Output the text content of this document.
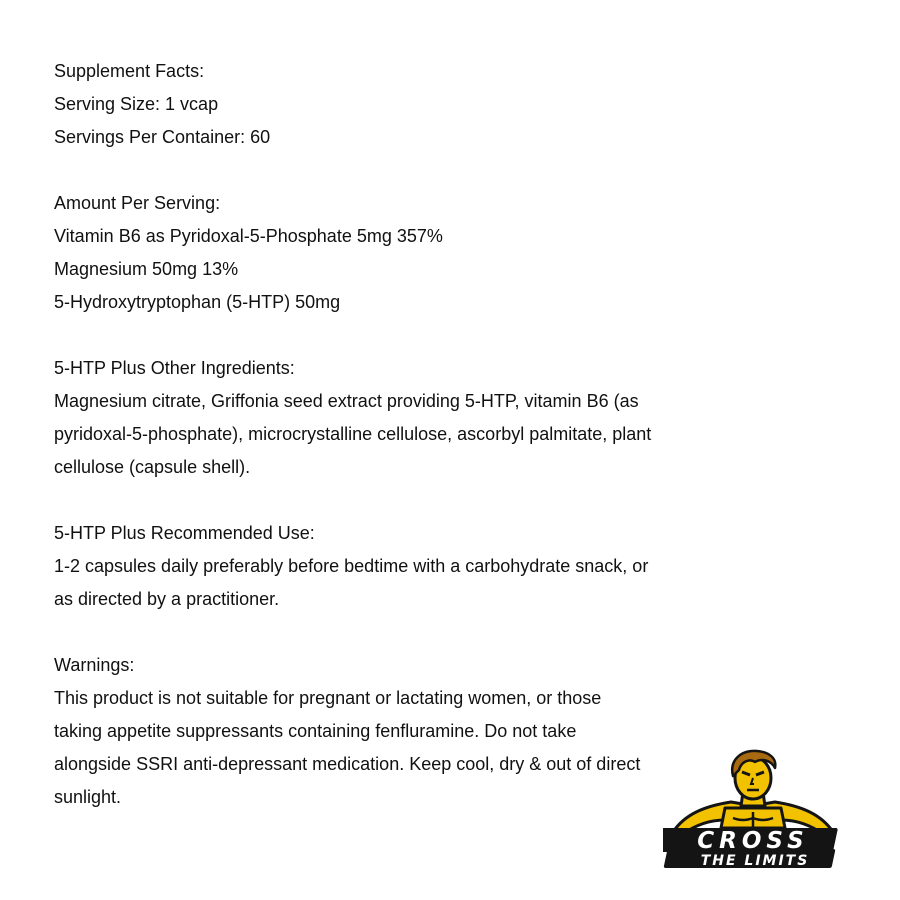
Supplement Facts:
Serving Size: 1 vcap
Servings Per Container: 60
Amount Per Serving:
Vitamin B6 as Pyridoxal-5-Phosphate 5mg 357%
Magnesium 50mg 13%
5-Hydroxytryptophan (5-HTP) 50mg
5-HTP Plus Other Ingredients:
Magnesium citrate, Griffonia seed extract providing 5-HTP, vitamin B6 (as
pyridoxal-5-phosphate), microcrystalline cellulose, ascorbyl palmitate, plant
cellulose (capsule shell).
5-HTP Plus Recommended Use:
1-2 capsules daily preferably before bedtime with a carbohydrate snack, or
as directed by a practitioner.
Warnings:
This product is not suitable for pregnant or lactating women, or those
taking appetite suppressants containing fenfluramine. Do not take
alongside SSRI anti-depressant medication. Keep cool, dry & out of direct
sunlight.
CROSS
THE LIMITS
